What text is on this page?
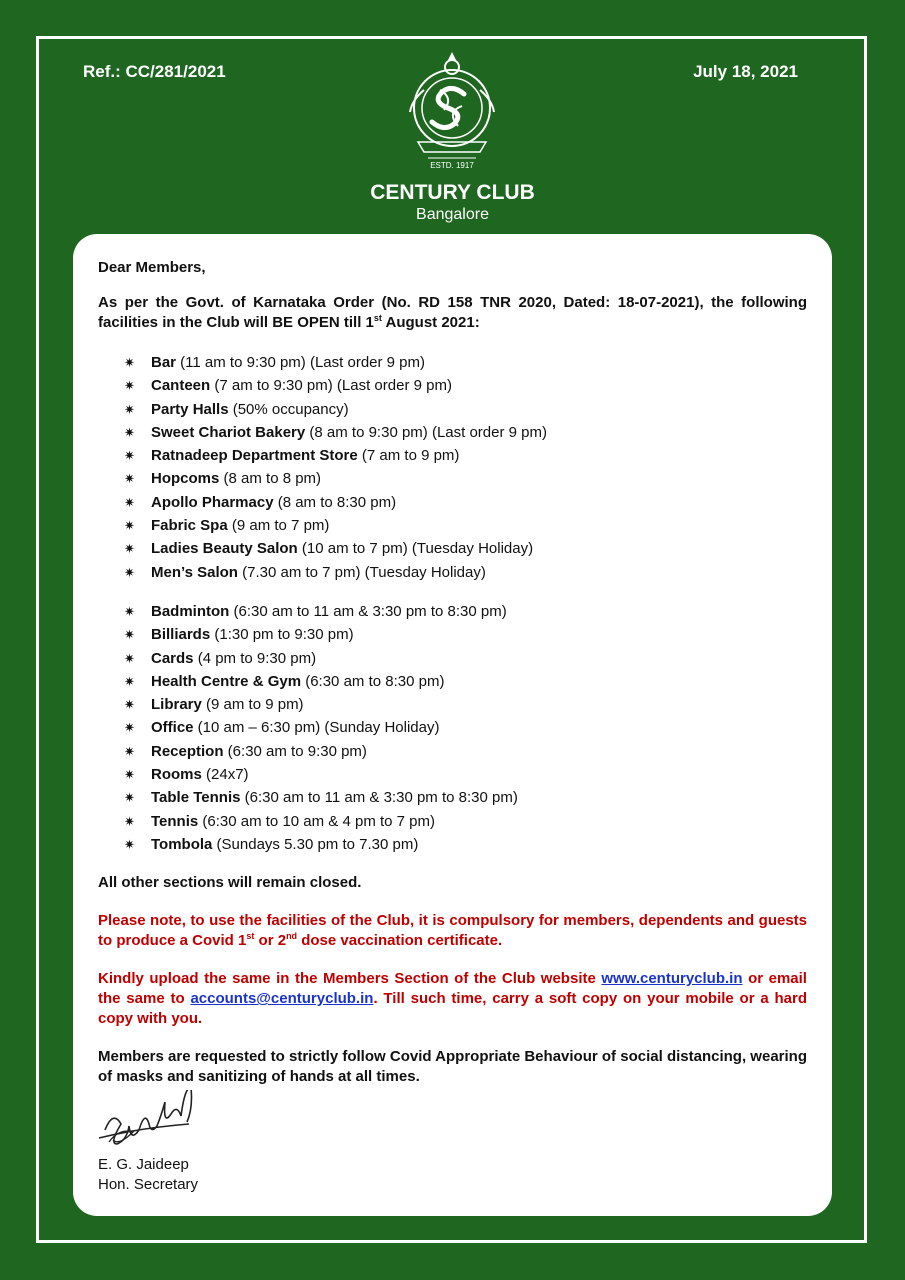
Ref.: CC/281/2021	July 18, 2021
ESTD. 1917
CENTURY CLUB
Bangalore

Dear Members,

As per the Govt. of Karnataka Order (No. RD 158 TNR 2020, Dated: 18-07-2021), the following facilities in the Club will BE OPEN till 1st August 2021:

✷	Bar (11 am to 9:30 pm) (Last order 9 pm)
✷	Canteen (7 am to 9:30 pm) (Last order 9 pm)
✷	Party Halls (50% occupancy)
✷	Sweet Chariot Bakery (8 am to 9:30 pm) (Last order 9 pm)
✷	Ratnadeep Department Store (7 am to 9 pm)
✷	Hopcoms (8 am to 8 pm)
✷	Apollo Pharmacy (8 am to 8:30 pm)
✷	Fabric Spa (9 am to 7 pm)
✷	Ladies Beauty Salon (10 am to 7 pm) (Tuesday Holiday)
✷	Men’s Salon (7.30 am to 7 pm) (Tuesday Holiday)
✷	Badminton (6:30 am to 11 am & 3:30 pm to 8:30 pm)
✷	Billiards (1:30 pm to 9:30 pm)
✷	Cards (4 pm to 9:30 pm)
✷	Health Centre & Gym (6:30 am to 8:30 pm)
✷	Library (9 am to 9 pm)
✷	Office (10 am – 6:30 pm) (Sunday Holiday)
✷	Reception (6:30 am to 9:30 pm)
✷	Rooms (24x7)
✷	Table Tennis (6:30 am to 11 am & 3:30 pm to 8:30 pm)
✷	Tennis (6:30 am to 10 am & 4 pm to 7 pm)
✷	Tombola (Sundays 5.30 pm to 7.30 pm)

All other sections will remain closed.

Please note, to use the facilities of the Club, it is compulsory for members, dependents and guests to produce a Covid 1st or 2nd dose vaccination certificate.

Kindly upload the same in the Members Section of the Club website www.centuryclub.in or email the same to accounts@centuryclub.in. Till such time, carry a soft copy on your mobile or a hard copy with you.

Members are requested to strictly follow Covid Appropriate Behaviour of social distancing, wearing of masks and sanitizing of hands at all times.

E. G. Jaideep
Hon. Secretary
